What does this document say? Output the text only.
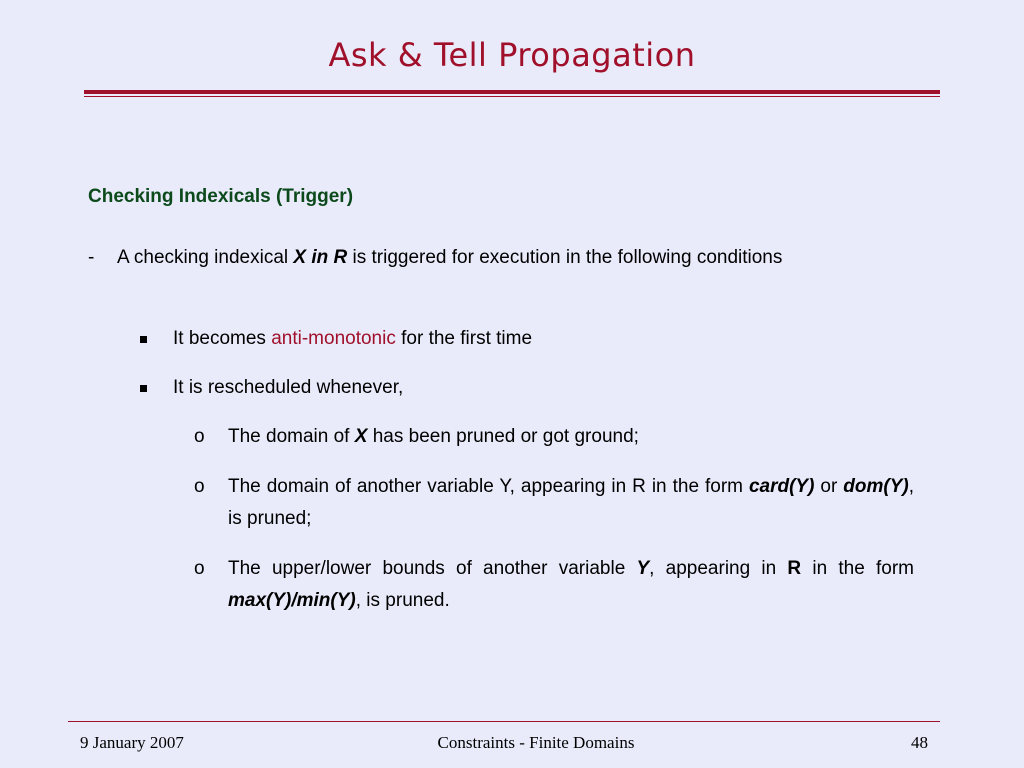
Ask & Tell Propagation
Checking Indexicals (Trigger)
- A checking indexical X in R is triggered for execution in the following conditions
It becomes anti-monotonic for the first time
It is rescheduled whenever,
o The domain of X has been pruned or got ground;
o The domain of another variable Y, appearing in R in the form card(Y) or dom(Y), is pruned;
o The upper/lower bounds of another variable Y, appearing in R in the form max(Y)/min(Y), is pruned.
9 January 2007	Constraints - Finite Domains	48
